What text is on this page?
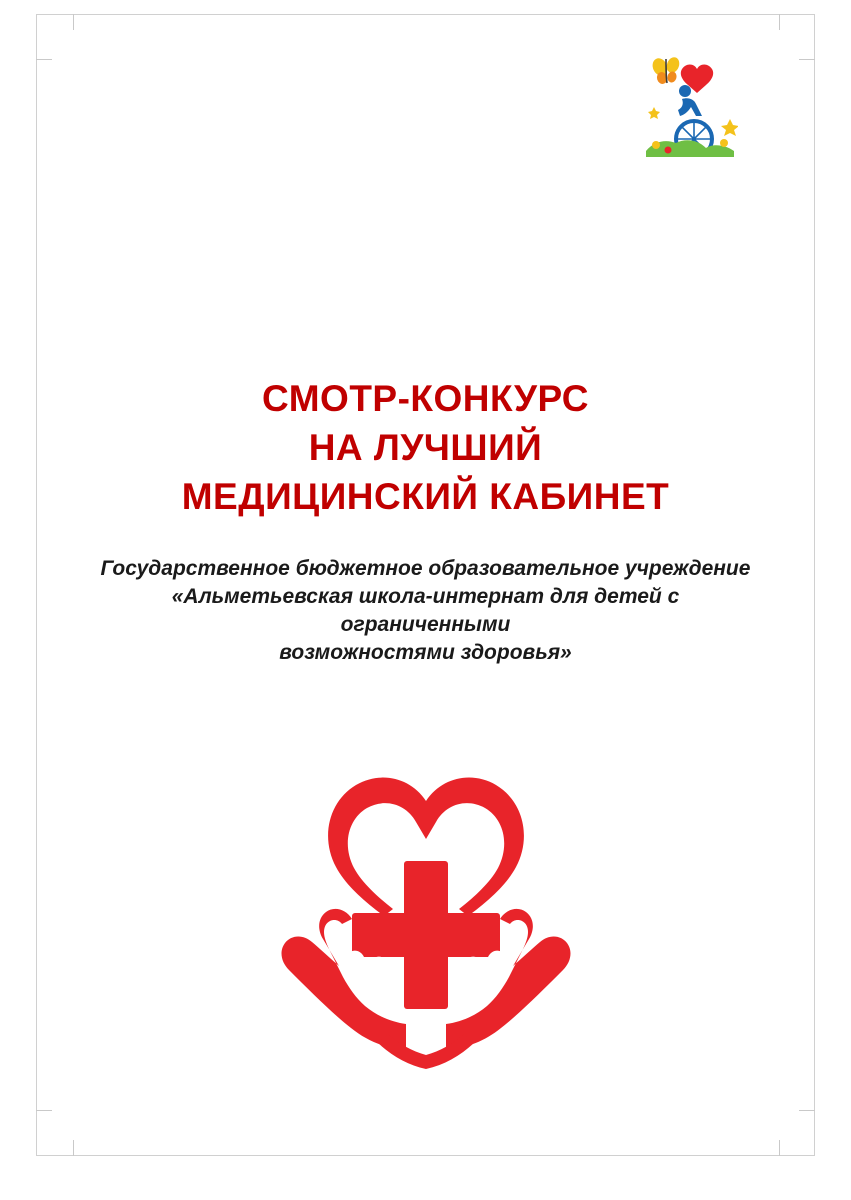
СМОТР-КОНКУРС
НА ЛУЧШИЙ
МЕДИЦИНСКИЙ КАБИНЕТ
Государственное бюджетное образовательное учреждение
«Альметьевская школа-интернат для детей с
ограниченными
возможностями здоровья»
